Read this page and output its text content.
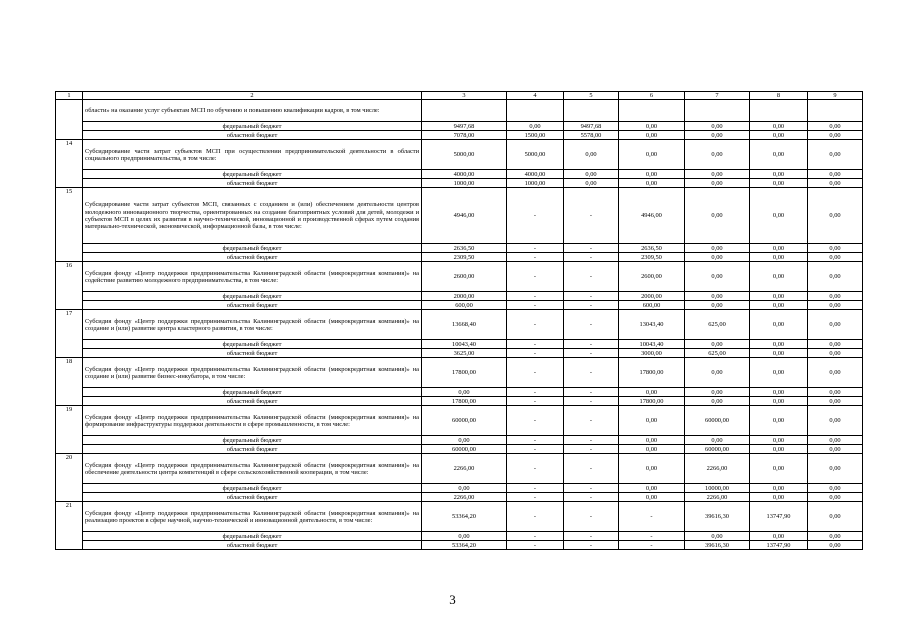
1	2	3	4	5	6	7	8	9
	области» на оказание услуг субъектам МСП по обучению и повышению квалификации кадров, в том числе:							
	федеральный бюджет	9497,68	0,00	9497,68	0,00	0,00	0,00	0,00
	областной бюджет	7078,00	1500,00	5578,00	0,00	0,00	0,00	0,00
14	Субсидирование части затрат субъектов МСП при осуществлении предпринимательской деятельности в области социального предпринимательства, в том числе:	5000,00	5000,00	0,00	0,00	0,00	0,00	0,00
	федеральный бюджет	4000,00	4000,00	0,00	0,00	0,00	0,00	0,00
	областной бюджет	1000,00	1000,00	0,00	0,00	0,00	0,00	0,00
15	Субсидирование части затрат субъектов МСП, связанных с созданием и (или) обеспечением деятельности центров молодежного инновационного творчества, ориентированных на создание благоприятных условий для детей, молодежи и субъектов МСП в целях их развития в научно-технической, инновационной и производственной сферах путем создания материально-технической, экономической, информационной базы, в том числе:	4946,00	-	-	4946,00	0,00	0,00	0,00
	федеральный бюджет	2636,50	-	-	2636,50	0,00	0,00	0,00
	областной бюджет	2309,50	-	-	2309,50	0,00	0,00	0,00
16	Субсидия фонду «Центр поддержки предпринимательства Калининградской области (микрокредитная компания)» на содействие развитию молодежного предпринимательства, в том числе:	2600,00	-	-	2600,00	0,00	0,00	0,00
	федеральный бюджет	2000,00	-	-	2000,00	0,00	0,00	0,00
	областной бюджет	600,00	-	-	600,00	0,00	0,00	0,00
17	Субсидия фонду «Центр поддержки предпринимательства Калининградской области (микрокредитная компания)» на создание и (или) развитие центра кластерного развития, в том числе:	13668,40	-	-	13043,40	625,00	0,00	0,00
	федеральный бюджет	10043,40	-	-	10043,40	0,00	0,00	0,00
	областной бюджет	3625,00	-	-	3000,00	625,00	0,00	0,00
18	Субсидия фонду «Центр поддержки предпринимательства Калининградской области (микрокредитная компания)» на создание и (или) развитие бизнес-инкубатора, в том числе:	17800,00	-	-	17800,00	0,00	0,00	0,00
	федеральный бюджет	0,00	-	-	0,00	0,00	0,00	0,00
	областной бюджет	17800,00	-	-	17800,00	0,00	0,00	0,00
19	Субсидия фонду «Центр поддержки предпринимательства Калининградской области (микрокредитная компания)» на формирование инфраструктуры поддержки деятельности в сфере промышленности, в том числе:	60000,00	-	-	0,00	60000,00	0,00	0,00
	федеральный бюджет	0,00	-	-	0,00	0,00	0,00	0,00
	областной бюджет	60000,00	-	-	0,00	60000,00	0,00	0,00
20	Субсидия фонду «Центр поддержки предпринимательства Калининградской области (микрокредитная компания)» на обеспечение деятельности центра компетенций в сфере сельскохозяйственной кооперации, в том числе:	2266,00	-	-	0,00	2266,00	0,00	0,00
	федеральный бюджет	0,00	-	-	0,00	10000,00	0,00	0,00
	областной бюджет	2266,00	-	-	0,00	2266,00	0,00	0,00
21	Субсидия фонду «Центр поддержки предпринимательства Калининградской области (микрокредитная компания)» на реализацию проектов в сфере научной, научно-технической и инновационной деятельности, в том числе:	53364,20	-	-	-	39616,30	13747,90	0,00
	федеральный бюджет	0,00	-	-	-	0,00	0,00	0,00
	областной бюджет	53364,20	-	-	-	39616,30	13747,90	0,00
3
